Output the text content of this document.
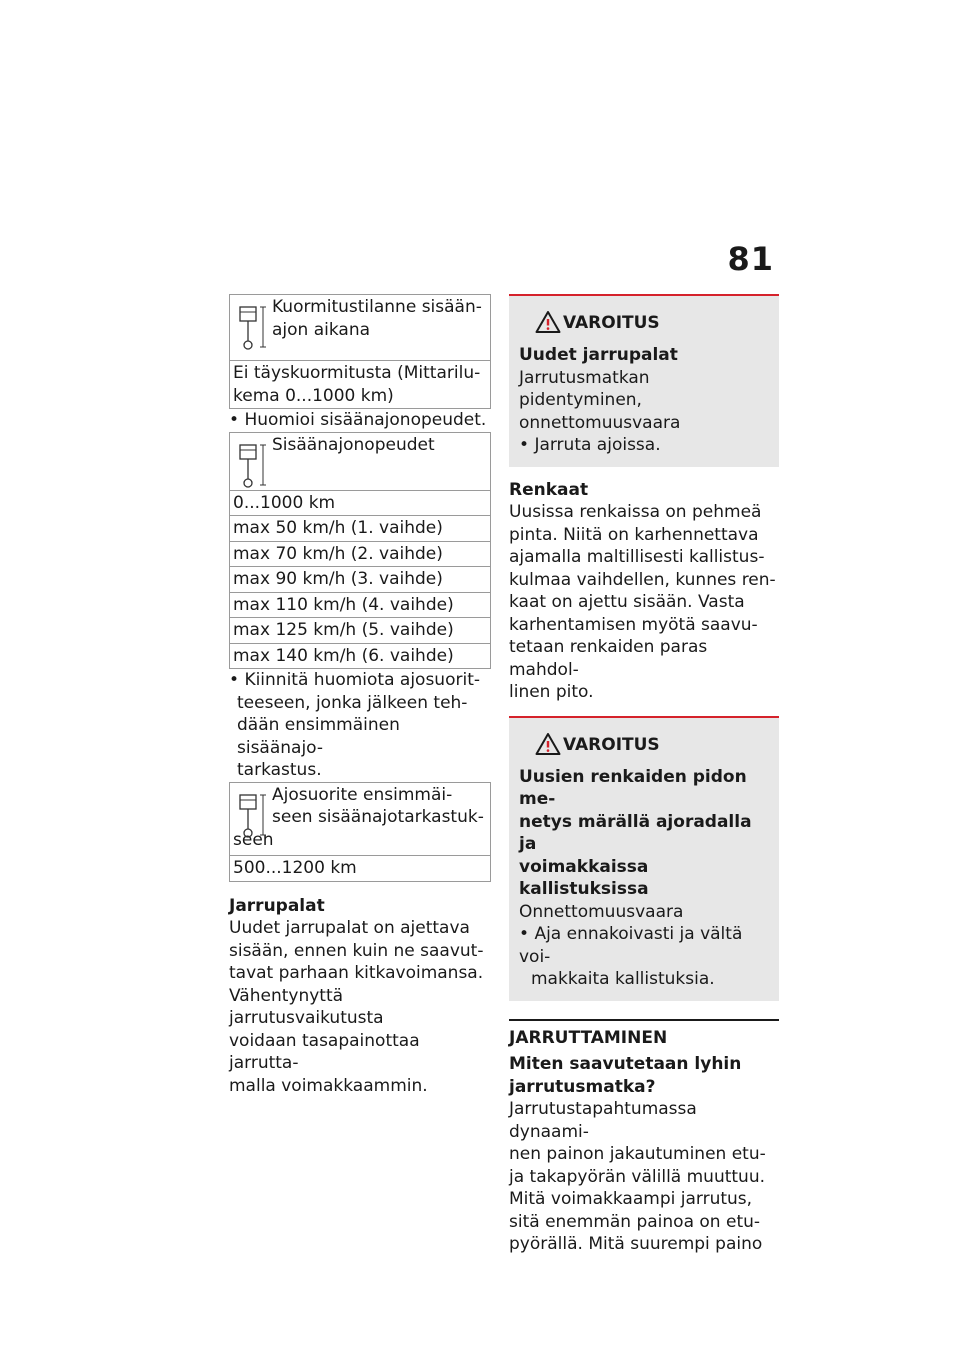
81
Kuormitustilanne sisään-
ajon aikana
Ei täyskuormitusta (Mittarilu-
kema 0...1000 km)
• Huomioi sisäänajonopeudet.
Sisäänajonopeudet
0...1000 km
max 50 km/h (1. vaihde)
max 70 km/h (2. vaihde)
max 90 km/h (3. vaihde)
max 110 km/h (4. vaihde)
max 125 km/h (5. vaihde)
max 140 km/h (6. vaihde)
• Kiinnitä huomiota ajosuorit-
teeseen, jonka jälkeen teh-
dään ensimmäinen sisäänajo-
tarkastus.
Ajosuorite ensimmäi-
seen sisäänajotarkastuk-
seen
500...1200 km
Jarrupalat
Uudet jarrupalat on ajettava
sisään, ennen kuin ne saavut-
tavat parhaan kitkavoimansa.
Vähentynyttä jarrutusvaikutusta
voidaan tasapainottaa jarrutta-
malla voimakkaammin.
VAROITUS
Uudet jarrupalat
Jarrutusmatkan pidentyminen,
onnettomuusvaara
• Jarruta ajoissa.
Renkaat
Uusissa renkaissa on pehmeä
pinta. Niitä on karhennettava
ajamalla maltillisesti kallistus-
kulmaa vaihdellen, kunnes ren-
kaat on ajettu sisään. Vasta
karhentamisen myötä saavu-
tetaan renkaiden paras mahdol-
linen pito.
VAROITUS
Uusien renkaiden pidon me-
netys märällä ajoradalla ja
voimakkaissa kallistuksissa
Onnettomuusvaara
• Aja ennakoivasti ja vältä voi-
makkaita kallistuksia.
JARRUTTAMINEN
Miten saavutetaan lyhin
jarrutusmatka?
Jarrutustapahtumassa dynaami-
nen painon jakautuminen etu-
ja takapyörän välillä muuttuu.
Mitä voimakkaampi jarrutus,
sitä enemmän painoa on etu-
pyörällä. Mitä suurempi paino
